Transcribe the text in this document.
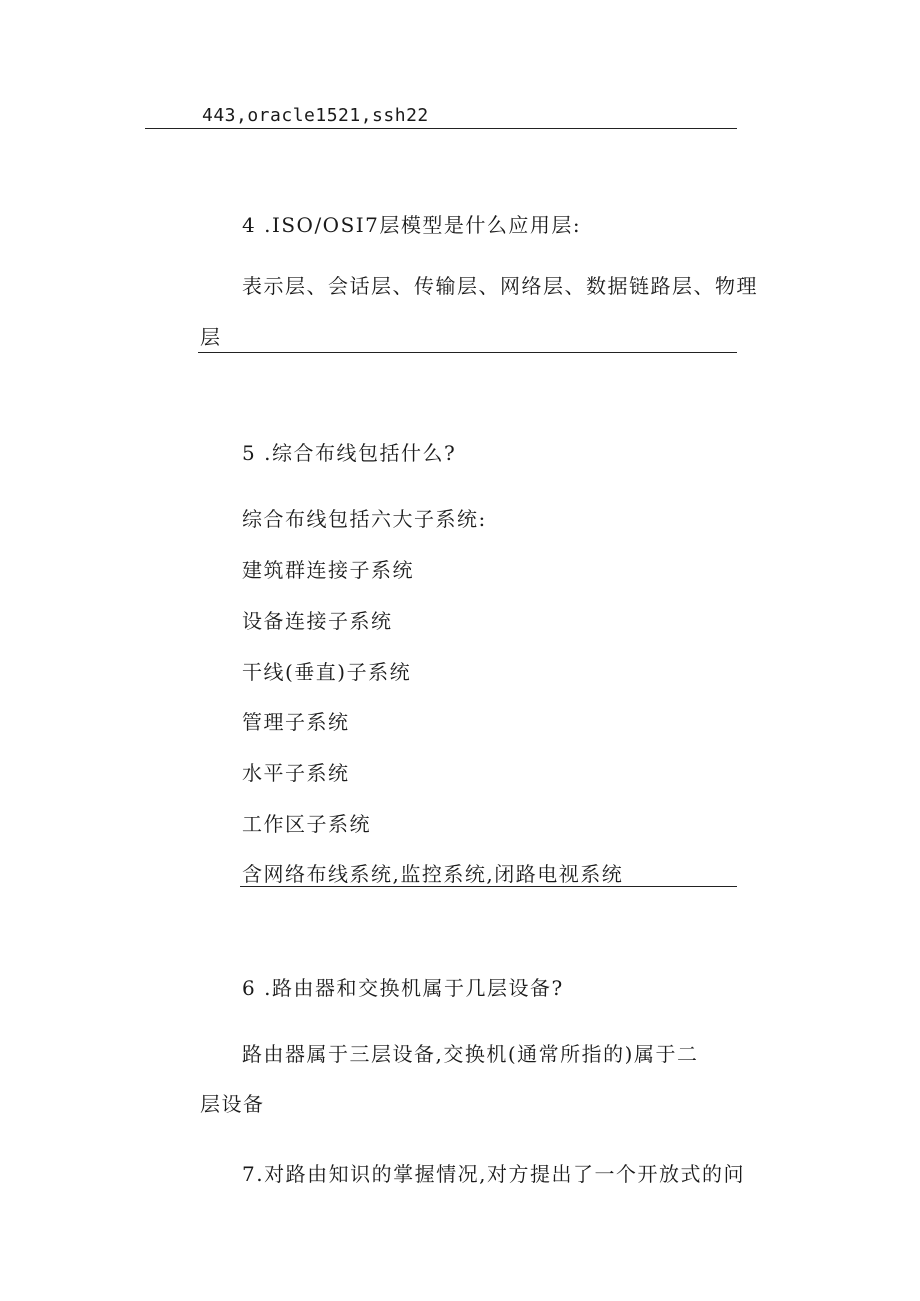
443,oracle1521,ssh22
4 .ISO/OSI7层模型是什么应用层:
表示层、会话层、传输层、网络层、数据链路层、物理
层
5 .综合布线包括什么?
综合布线包括六大子系统:
建筑群连接子系统
设备连接子系统
干线(垂直)子系统
管理子系统
水平子系统
工作区子系统
含网络布线系统,监控系统,闭路电视系统
6 .路由器和交换机属于几层设备?
路由器属于三层设备,交换机(通常所指的)属于二
层设备
7.对路由知识的掌握情况,对方提出了一个开放式的问
